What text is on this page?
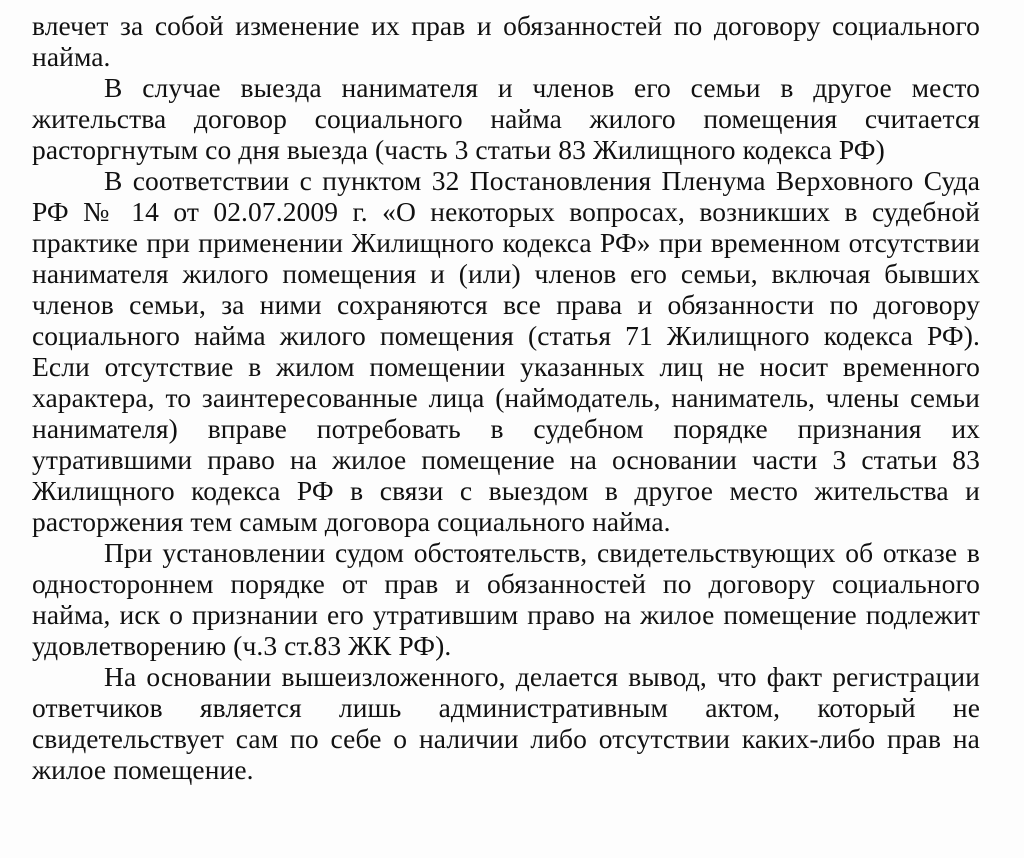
влечет за собой изменение их прав и обязанностей по договору социального найма.

В случае выезда нанимателя и членов его семьи в другое место жительства договор социального найма жилого помещения считается расторгнутым со дня выезда (часть 3 статьи 83 Жилищного кодекса РФ)

В соответствии с пунктом 32 Постановления Пленума Верховного Суда РФ № 14 от 02.07.2009 г. «О некоторых вопросах, возникших в судебной практике при применении Жилищного кодекса РФ» при временном отсутствии нанимателя жилого помещения и (или) членов его семьи, включая бывших членов семьи, за ними сохраняются все права и обязанности по договору социального найма жилого помещения (статья 71 Жилищного кодекса РФ). Если отсутствие в жилом помещении указанных лиц не носит временного характера, то заинтересованные лица (наймодатель, наниматель, члены семьи нанимателя) вправе потребовать в судебном порядке признания их утратившими право на жилое помещение на основании части 3 статьи 83 Жилищного кодекса РФ в связи с выездом в другое место жительства и расторжения тем самым договора социального найма.

При установлении судом обстоятельств, свидетельствующих об отказе в одностороннем порядке от прав и обязанностей по договору социального найма, иск о признании его утратившим право на жилое помещение подлежит удовлетворению (ч.3 ст.83 ЖК РФ).

На основании вышеизложенного, делается вывод, что факт регистрации ответчиков является лишь административным актом, который не свидетельствует сам по себе о наличии либо отсутствии каких-либо прав на жилое помещение.
